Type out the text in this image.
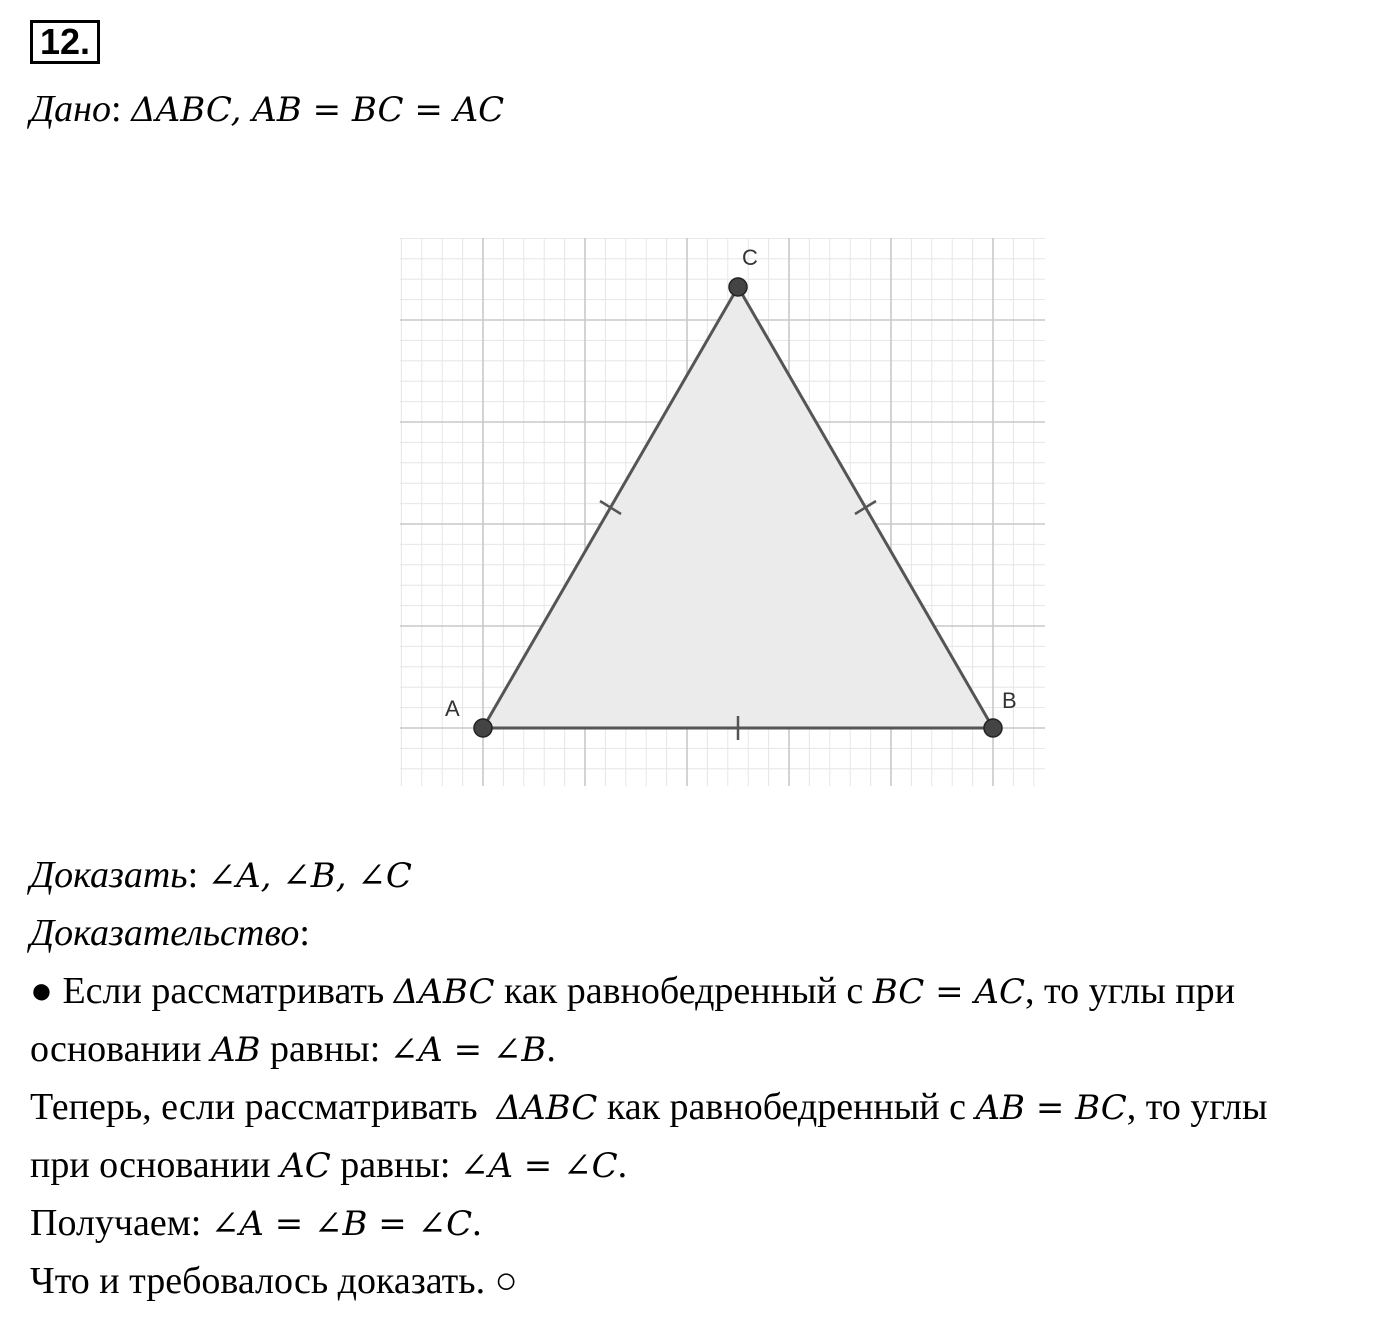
12.
Дано: ΔABC, AB = BC = AC
A	B
C
Доказать: ∠A, ∠B, ∠C
Доказательство:
● Если рассматривать ΔABC как равнобедренный с BC = AC, то углы при
основании AB равны: ∠A = ∠B.
Теперь, если рассматривать  ΔABC как равнобедренный с AB = BC, то углы
при основании AC равны: ∠A = ∠C.
Получаем: ∠A = ∠B = ∠C.
Что и требовалось доказать. ○
